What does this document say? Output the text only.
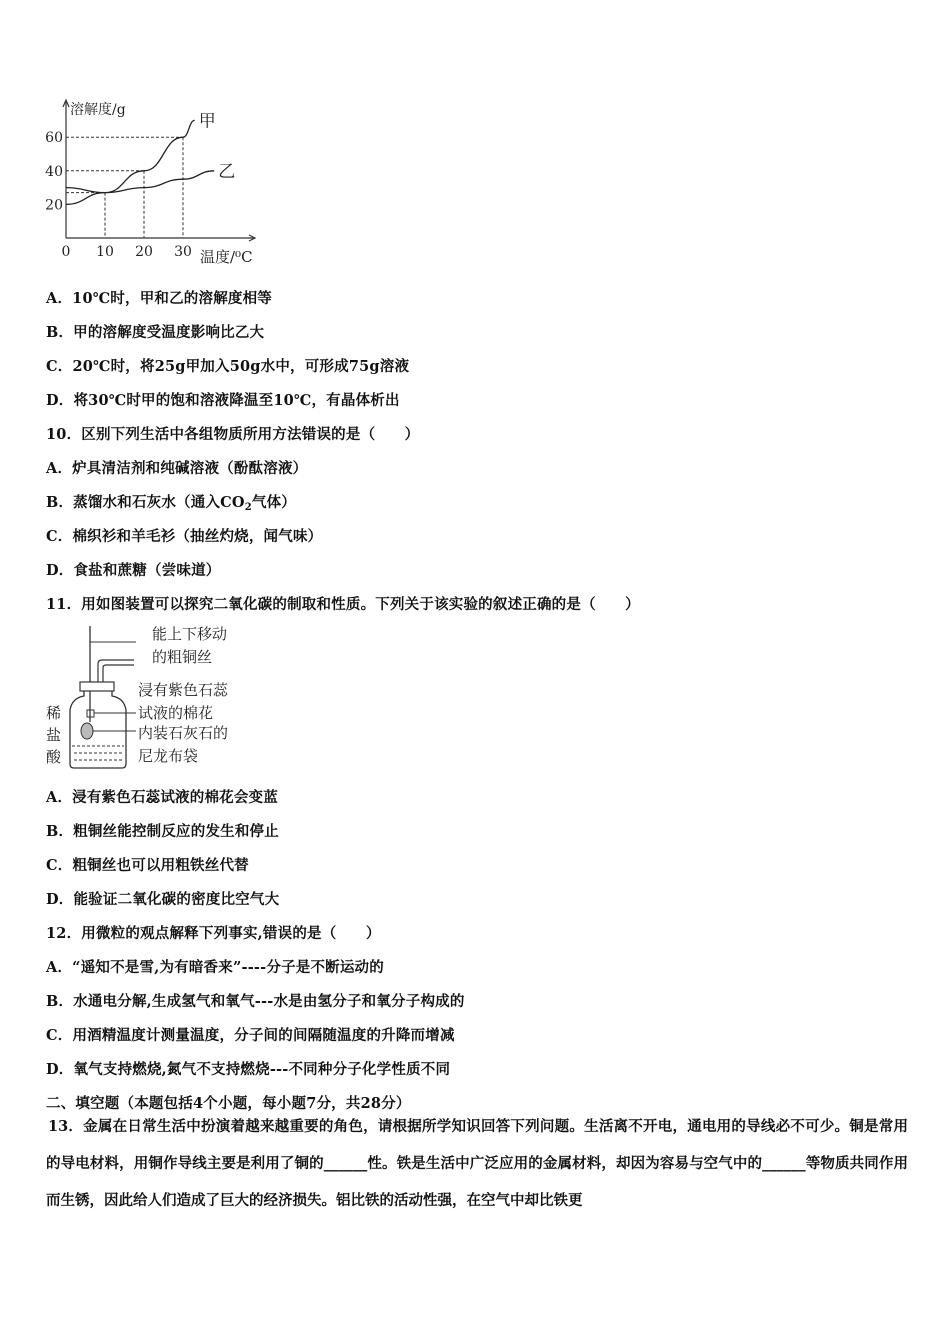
甲
乙
0 10 20 30
20
40
60
溶解度/g
温度/⁰C
A．10℃时，甲和乙的溶解度相等
B．甲的溶解度受温度影响比乙大
C．20℃时，将25g甲加入50g水中，可形成75g溶液
D．将30℃时甲的饱和溶液降温至10℃，有晶体析出
10．区别下列生活中各组物质所用方法错误的是（　　）
A．炉具清洁剂和纯碱溶液（酚酞溶液）
B．蒸馏水和石灰水（通入$CO_2$气体）
C．棉织衫和羊毛衫（抽丝灼烧，闻气味）
D．食盐和蔗糖（尝味道）
11．用如图装置可以探究二氧化碳的制取和性质。下列关于该实验的叙述正确的是（　　）
能上下移动
的粗铜丝
浸有紫色石蕊
试液的棉花
内装石灰石的
尼龙布袋
稀
盐
酸
A．浸有紫色石蕊试液的棉花会变蓝
B．粗铜丝能控制反应的发生和停止
C．粗铜丝也可以用粗铁丝代替
D．能验证二氧化碳的密度比空气大
12．用微粒的观点解释下列事实,错误的是（　　）
A．“遥知不是雪,为有暗香来”----分子是不断运动的
B．水通电分解,生成氢气和氧气---水是由氢分子和氧分子构成的
C．用酒精温度计测量温度，分子间的间隔随温度的升降而增减
D．氧气支持燃烧,氮气不支持燃烧---不同种分子化学性质不同
二、填空题（本题包括4个小题，每小题7分，共28分）
13．金属在日常生活中扮演着越来越重要的角色，请根据所学知识回答下列问题。生活离不开电，通电用的导线必不可少。铜是常用的导电材料，用铜作导线主要是利用了铜的______性。铁是生活中广泛应用的金属材料，却因为容易与空气中的______等物质共同作用而生锈，因此给人们造成了巨大的经济损失。铝比铁的活动性强，在空气中却比铁更
